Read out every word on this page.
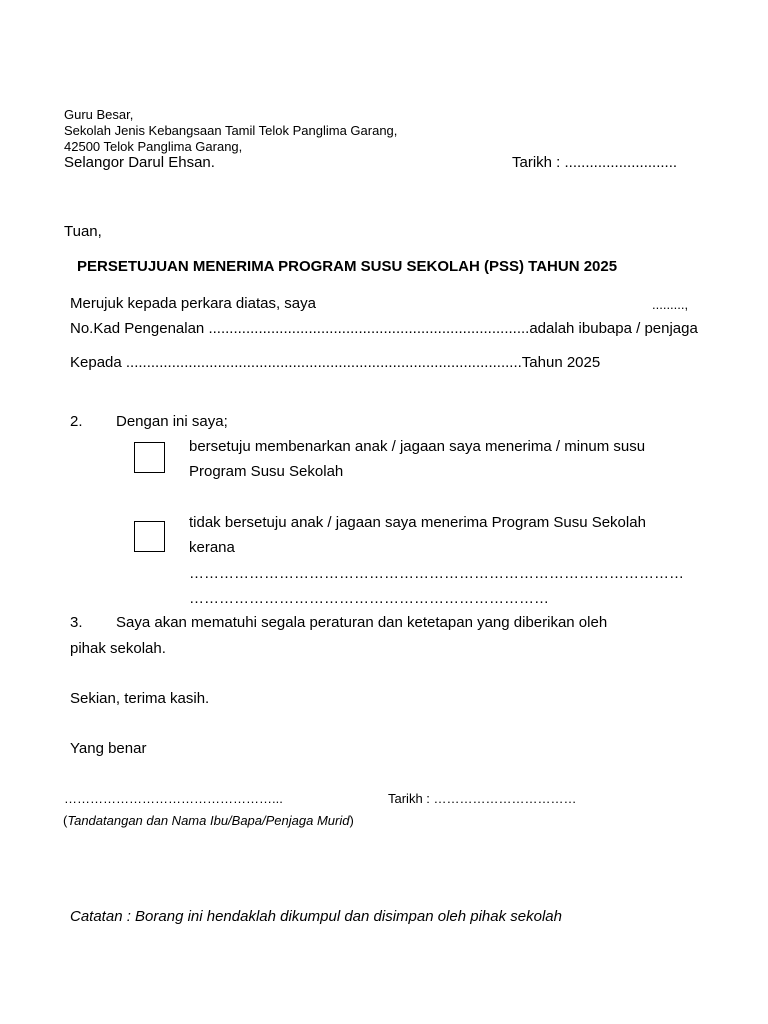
Guru Besar,
Sekolah Jenis Kebangsaan Tamil Telok Panglima Garang,
42500 Telok Panglima Garang,
Selangor Darul Ehsan.	Tarikh : ...........................
Tuan,
PERSETUJUAN MENERIMA PROGRAM SUSU SEKOLAH (PSS) TAHUN 2025
Merujuk kepada perkara diatas, saya	.........,
No.Kad Pengenalan .............................................................................adalah ibubapa / penjaga
Kepada ...............................................................................................Tahun 2025
2. Dengan ini saya;
bersetuju membenarkan anak / jagaan saya menerima / minum susu
Program Susu Sekolah
tidak bersetuju anak / jagaan saya menerima Program Susu Sekolah
kerana
………………………………………………………………………………………
………………………………………………………………
3. Saya akan mematuhi segala peraturan dan ketetapan yang diberikan oleh
pihak sekolah.
Sekian, terima kasih.
Yang benar
…………………………………………...	Tarikh : ……………………………
(Tandatangan dan Nama Ibu/Bapa/Penjaga Murid)
Catatan : Borang ini hendaklah dikumpul dan disimpan oleh pihak sekolah
